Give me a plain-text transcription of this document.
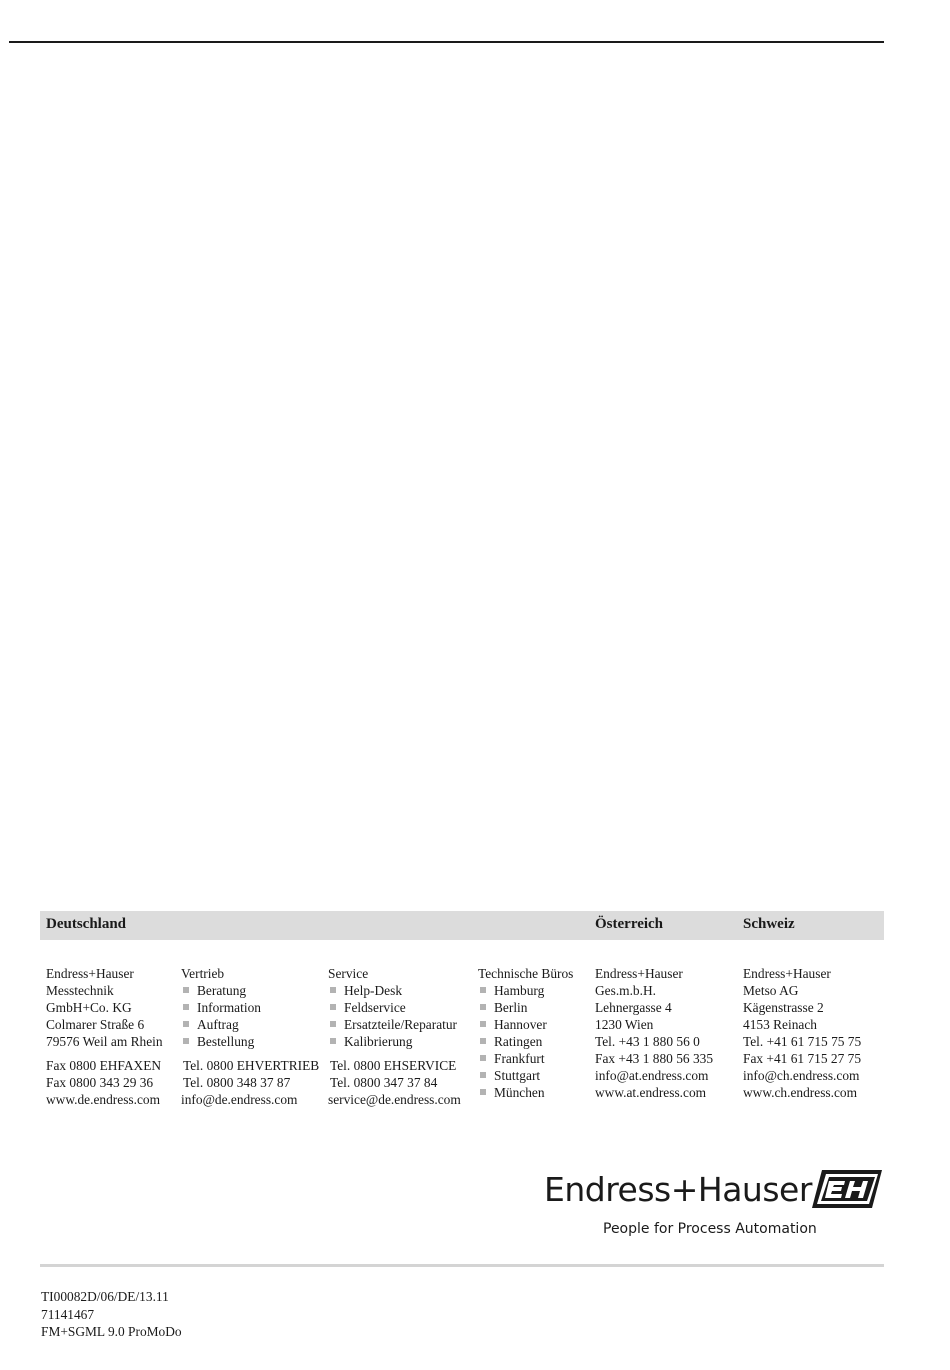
Deutschland	Österreich	Schweiz
Endress+Hauser
Messtechnik
GmbH+Co. KG
Colmarer Straße 6
79576 Weil am Rhein
Fax 0800 EHFAXEN
Fax 0800 343 29 36
www.de.endress.com
Vertrieb
Beratung
Information
Auftrag
Bestellung
Tel. 0800 EHVERTRIEB
Tel. 0800 348 37 87
info@de.endress.com
Service
Help-Desk
Feldservice
Ersatzteile/Reparatur
Kalibrierung
Tel. 0800 EHSERVICE
Tel. 0800 347 37 84
service@de.endress.com
Technische Büros
Hamburg
Berlin
Hannover
Ratingen
Frankfurt
Stuttgart
München
Endress+Hauser
Ges.m.b.H.
Lehnergasse 4
1230 Wien
Tel. +43 1 880 56 0
Fax +43 1 880 56 335
info@at.endress.com
www.at.endress.com
Endress+Hauser
Metso AG
Kägenstrasse 2
4153 Reinach
Tel. +41 61 715 75 75
Fax +41 61 715 27 75
info@ch.endress.com
www.ch.endress.com
Endress+Hauser
People for Process Automation
TI00082D/06/DE/13.11
71141467
FM+SGML 9.0 ProMoDo
